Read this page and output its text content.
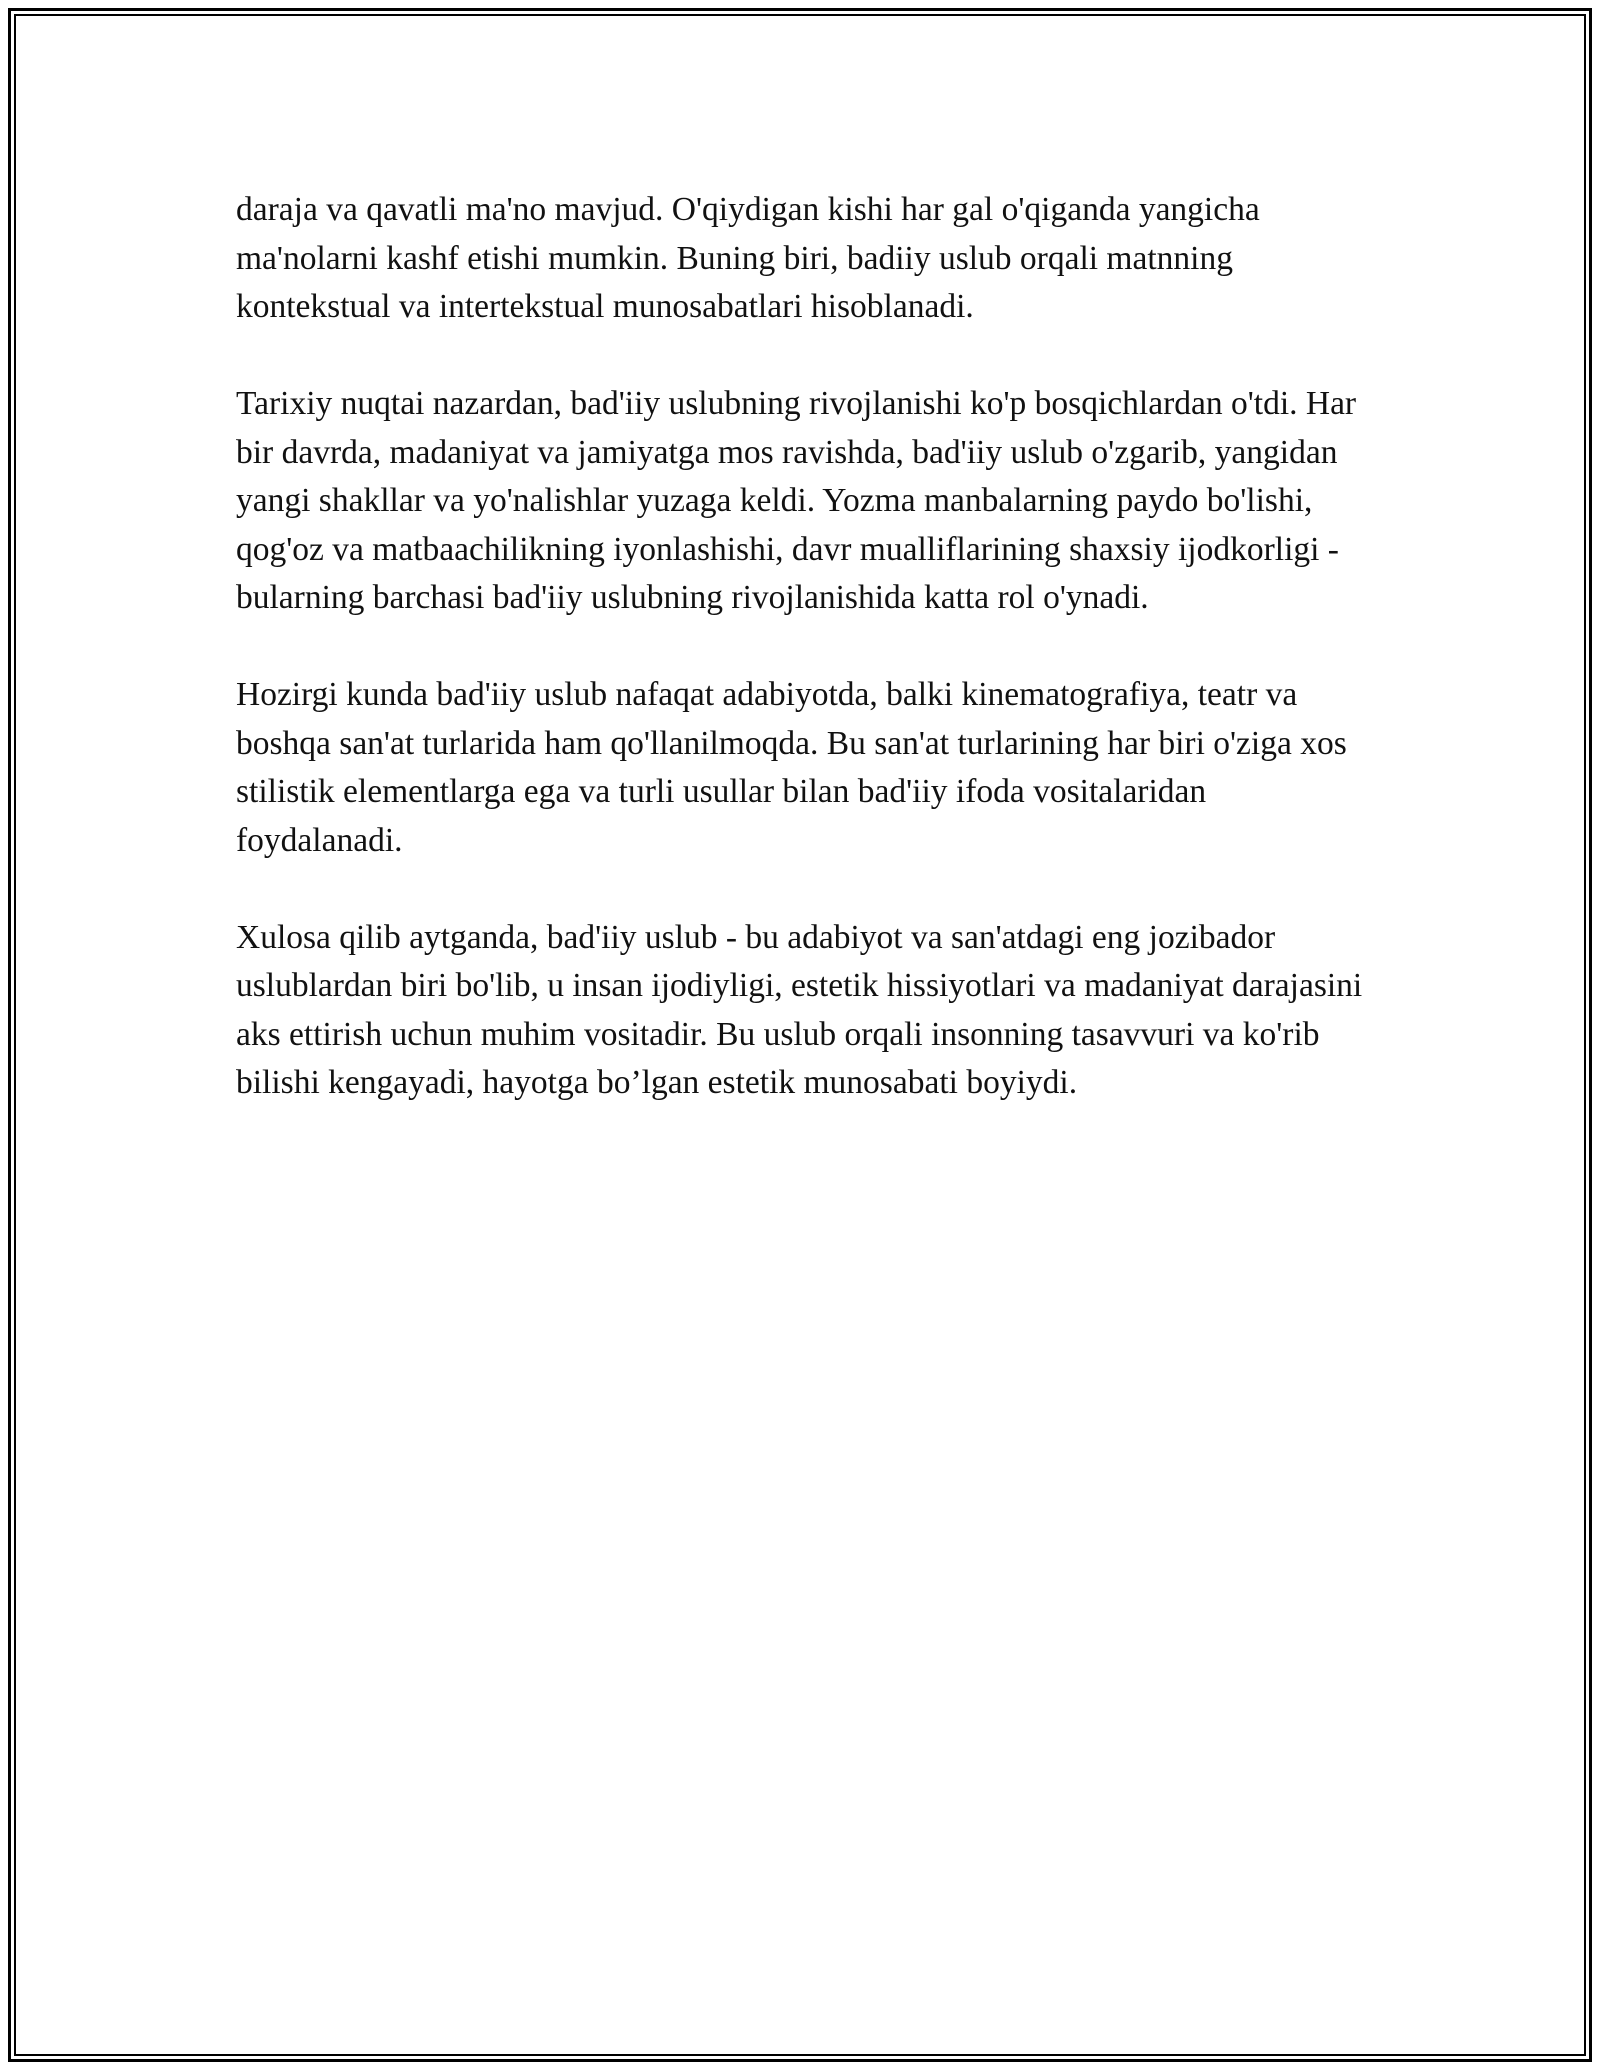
daraja va qavatli ma'no mavjud. O'qiydigan kishi har gal o'qiganda yangicha ma'nolarni kashf etishi mumkin. Buning biri, badiiy uslub orqali matnning kontekstual va intertekstual munosabatlari hisoblanadi.

Tarixiy nuqtai nazardan, bad'iiy uslubning rivojlanishi ko'p bosqichlardan o'tdi. Har bir davrda, madaniyat va jamiyatga mos ravishda, bad'iiy uslub o'zgarib, yangidan yangi shakllar va yo'nalishlar yuzaga keldi. Yozma manbalarning paydo bo'lishi, qog'oz va matbaachilikning iyonlashishi, davr mualliflarining shaxsiy ijodkorligi - bularning barchasi bad'iiy uslubning rivojlanishida katta rol o'ynadi.

Hozirgi kunda bad'iiy uslub nafaqat adabiyotda, balki kinematografiya, teatr va boshqa san'at turlarida ham qo'llanilmoqda. Bu san'at turlarining har biri o'ziga xos stilistik elementlarga ega va turli usullar bilan bad'iiy ifoda vositalaridan foydalanadi.

Xulosa qilib aytganda, bad'iiy uslub - bu adabiyot va san'atdagi eng jozibador uslublardan biri bo'lib, u insan ijodiyligi, estetik hissiyotlari va madaniyat darajasini aks ettirish uchun muhim vositadir. Bu uslub orqali insonning tasavvuri va ko'rib bilishi kengayadi, hayotga bo’lgan estetik munosabati boyiydi.
